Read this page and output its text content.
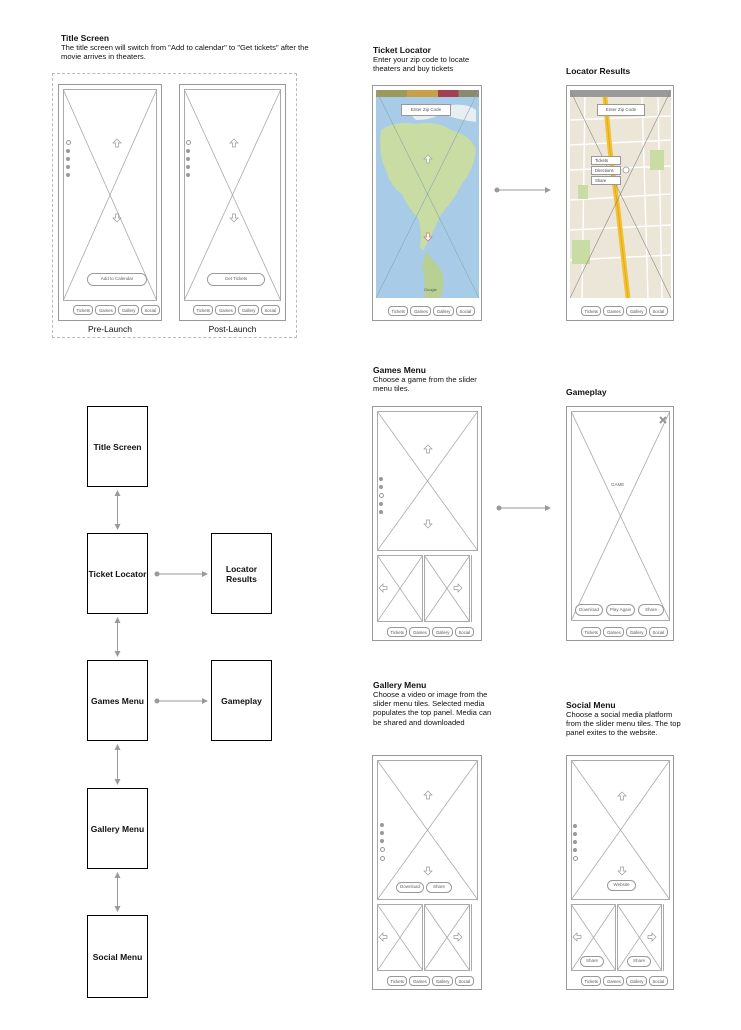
Title Screen
The title screen will switch from "Add to calendar" to "Get tickets" after the movie arrives in theaters.
Add to Calendar
Tickets	Games	Gallery	Social
Pre-Launch
Get Tickets
Tickets	Games	Gallery	Social
Post-Launch
Ticket Locator
Enter your zip code to locate theaters and buy tickets
Enter Zip Code
Google
Tickets	Games	Gallery	Social
Locator Results
Enter Zip Code
Tickets
Directions
Share
Tickets	Games	Gallery	Social
Games Menu
Choose a game from the slider menu tiles.
Tickets	Games	Gallery	Social
Gameplay
GAME
Download	Play Again	Share
Tickets	Games	Gallery	Social
Gallery Menu
Choose a video or image from the slider menu tiles. Selected media populates the top panel. Media can be shared and downloaded
Download	Share
Tickets	Games	Gallery	Social
Social Menu
Choose a social media platform from the slider menu tiles. The top panel exites to the website.
Website
Share	Share
Tickets	Games	Gallery	Social
Title Screen
Ticket Locator	Locator Results
Games Menu	Gameplay
Gallery Menu
Social Menu
